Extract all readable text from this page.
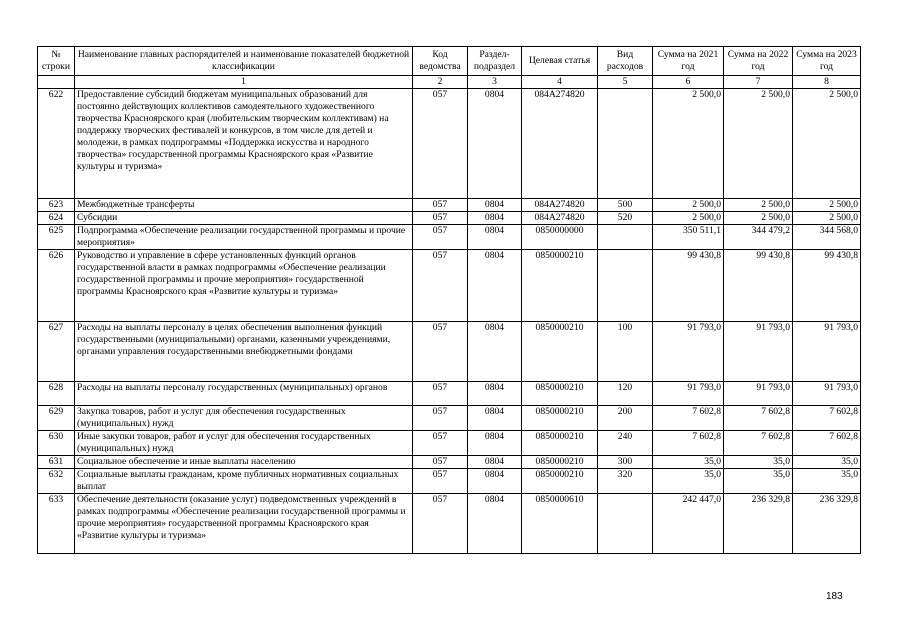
№ строки	Наименование главных распорядителей и наименование показателей бюджетной классификации	Код ведомства	Раздел-подраздел	Целевая статья	Вид расходов	Сумма на 2021 год	Сумма на 2022 год	Сумма на 2023 год
	1	2	3	4	5	6	7	8
622	Предоставление субсидий бюджетам муниципальных образований для постоянно действующих коллективов самодеятельного художественного творчества Красноярского края (любительским творческим коллективам) на поддержку творческих фестивалей и конкурсов, в том числе для детей и молодежи, в рамках подпрограммы «Поддержка искусства и народного творчества» государственной программы Красноярского края «Развитие культуры и туризма»	057	0804	084A274820		2 500,0	2 500,0	2 500,0
623	Межбюджетные трансферты	057	0804	084A274820	500	2 500,0	2 500,0	2 500,0
624	Субсидии	057	0804	084A274820	520	2 500,0	2 500,0	2 500,0
625	Подпрограмма «Обеспечение реализации государственной программы и прочие мероприятия»	057	0804	0850000000		350 511,1	344 479,2	344 568,0
626	Руководство и управление в сфере установленных функций органов государственной власти в рамках подпрограммы «Обеспечение реализации государственной программы и прочие мероприятия» государственной программы Красноярского края «Развитие культуры и туризма»	057	0804	0850000210		99 430,8	99 430,8	99 430,8
627	Расходы на выплаты персоналу в целях обеспечения выполнения функций государственными (муниципальными) органами, казенными учреждениями, органами управления государственными внебюджетными фондами	057	0804	0850000210	100	91 793,0	91 793,0	91 793,0
628	Расходы на выплаты персоналу государственных (муниципальных) органов	057	0804	0850000210	120	91 793,0	91 793,0	91 793,0
629	Закупка товаров, работ и услуг для обеспечения государственных (муниципальных) нужд	057	0804	0850000210	200	7 602,8	7 602,8	7 602,8
630	Иные закупки товаров, работ и услуг для обеспечения государственных (муниципальных) нужд	057	0804	0850000210	240	7 602,8	7 602,8	7 602,8
631	Социальное обеспечение и иные выплаты населению	057	0804	0850000210	300	35,0	35,0	35,0
632	Социальные выплаты гражданам, кроме публичных нормативных социальных выплат	057	0804	0850000210	320	35,0	35,0	35,0
633	Обеспечение деятельности (оказание услуг) подведомственных учреждений в рамках подпрограммы «Обеспечение реализации государственной программы и прочие мероприятия» государственной программы Красноярского края «Развитие культуры и туризма»	057	0804	0850000610		242 447,0	236 329,8	236 329,8
183
